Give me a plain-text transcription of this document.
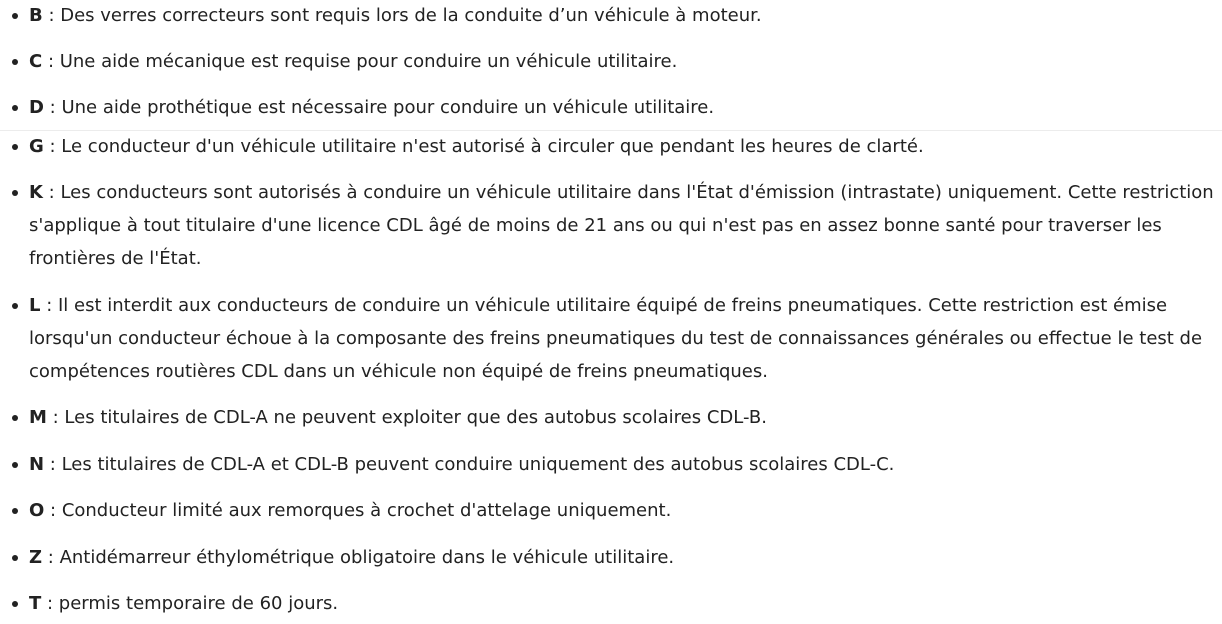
B : Des verres correcteurs sont requis lors de la conduite d’un véhicule à moteur.
C : Une aide mécanique est requise pour conduire un véhicule utilitaire.
D : Une aide prothétique est nécessaire pour conduire un véhicule utilitaire.
G : Le conducteur d'un véhicule utilitaire n'est autorisé à circuler que pendant les heures de clarté.
K : Les conducteurs sont autorisés à conduire un véhicule utilitaire dans l'État d'émission (intrastate) uniquement. Cette restriction s'applique à tout titulaire d'une licence CDL âgé de moins de 21 ans ou qui n'est pas en assez bonne santé pour traverser les frontières de l'État.
L : Il est interdit aux conducteurs de conduire un véhicule utilitaire équipé de freins pneumatiques. Cette restriction est émise lorsqu'un conducteur échoue à la composante des freins pneumatiques du test de connaissances générales ou effectue le test de compétences routières CDL dans un véhicule non équipé de freins pneumatiques.
M : Les titulaires de CDL-A ne peuvent exploiter que des autobus scolaires CDL-B.
N : Les titulaires de CDL-A et CDL-B peuvent conduire uniquement des autobus scolaires CDL-C.
O : Conducteur limité aux remorques à crochet d'attelage uniquement.
Z : Antidémarreur éthylométrique obligatoire dans le véhicule utilitaire.
T : permis temporaire de 60 jours.
